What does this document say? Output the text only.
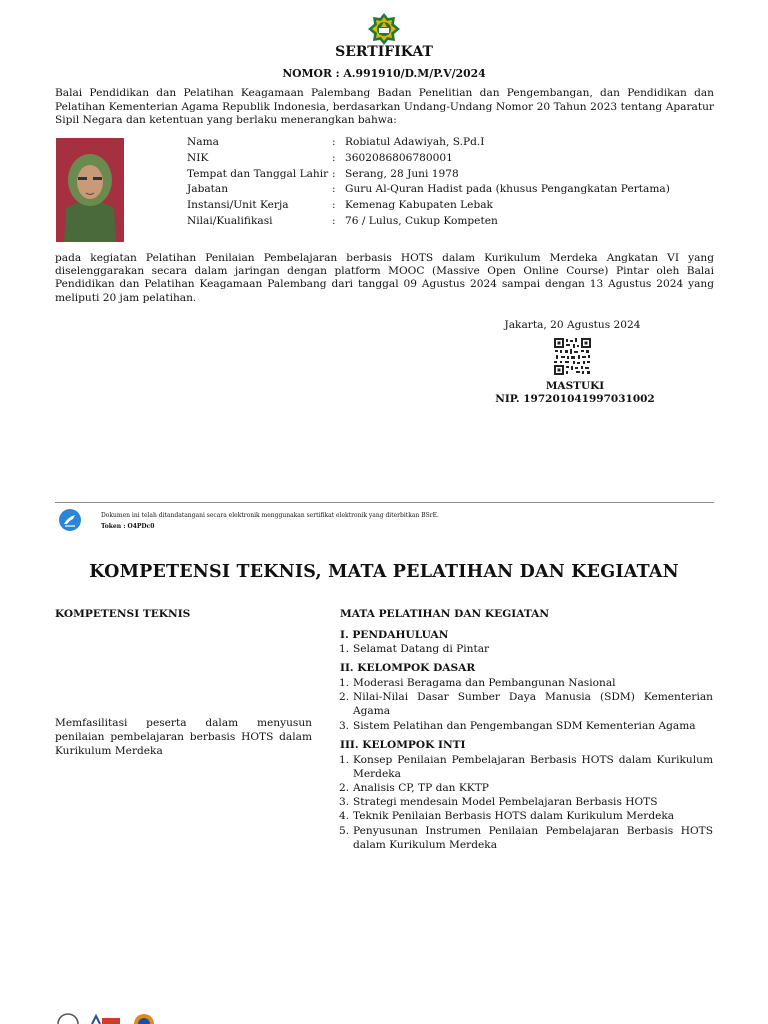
SERTIFIKAT
NOMOR : A.991910/D.M/P.V/2024
Balai Pendidikan dan Pelatihan Keagamaan Palembang Badan Penelitian dan Pengembangan, dan Pendidikan dan Pelatihan Kementerian Agama Republik Indonesia, berdasarkan Undang-Undang Nomor 20 Tahun 2023 tentang Aparatur Sipil Negara dan ketentuan yang berlaku menerangkan bahwa:
Nama	: Robiatul Adawiyah, S.Pd.I
NIK	: 3602086806780001
Tempat dan Tanggal Lahir : Serang, 28 Juni 1978
Jabatan	: Guru Al-Quran Hadist pada (khusus Pengangkatan Pertama)
Instansi/Unit Kerja	: Kemenag Kabupaten Lebak
Nilai/Kualifikasi	: 76 / Lulus, Cukup Kompeten
pada kegiatan Pelatihan Penilaian Pembelajaran berbasis HOTS dalam Kurikulum Merdeka Angkatan VI yang diselenggarakan secara dalam jaringan dengan platform MOOC (Massive Open Online Course) Pintar oleh Balai Pendidikan dan Pelatihan Keagamaan Palembang dari tanggal 09 Agustus 2024 sampai dengan 13 Agustus 2024 yang meliputi 20 jam pelatihan.
Jakarta, 20 Agustus 2024
MASTUKI
NIP. 197201041997031002
Dokumen ini telah ditandatangani secara elektronik menggunakan sertifikat elektronik yang diterbitkan BSrE.
Token : O4PDc0
KOMPETENSI TEKNIS, MATA PELATIHAN DAN KEGIATAN
KOMPETENSI TEKNIS	MATA PELATIHAN DAN KEGIATAN
Memfasilitasi peserta dalam menyusun penilaian pembelajaran berbasis HOTS dalam Kurikulum Merdeka
I. PENDAHULUAN
1. Selamat Datang di Pintar
II. KELOMPOK DASAR
1. Moderasi Beragama dan Pembangunan Nasional
2. Nilai-Nilai Dasar Sumber Daya Manusia (SDM) Kementerian Agama
3. Sistem Pelatihan dan Pengembangan SDM Kementerian Agama
III. KELOMPOK INTI
1. Konsep Penilaian Pembelajaran Berbasis HOTS dalam Kurikulum Merdeka
2. Analisis CP, TP dan KKTP
3. Strategi mendesain Model Pembelajaran Berbasis HOTS
4. Teknik Penilaian Berbasis HOTS dalam Kurikulum Merdeka
5. Penyusunan Instrumen Penilaian Pembelajaran Berbasis HOTS dalam Kurikulum Merdeka
